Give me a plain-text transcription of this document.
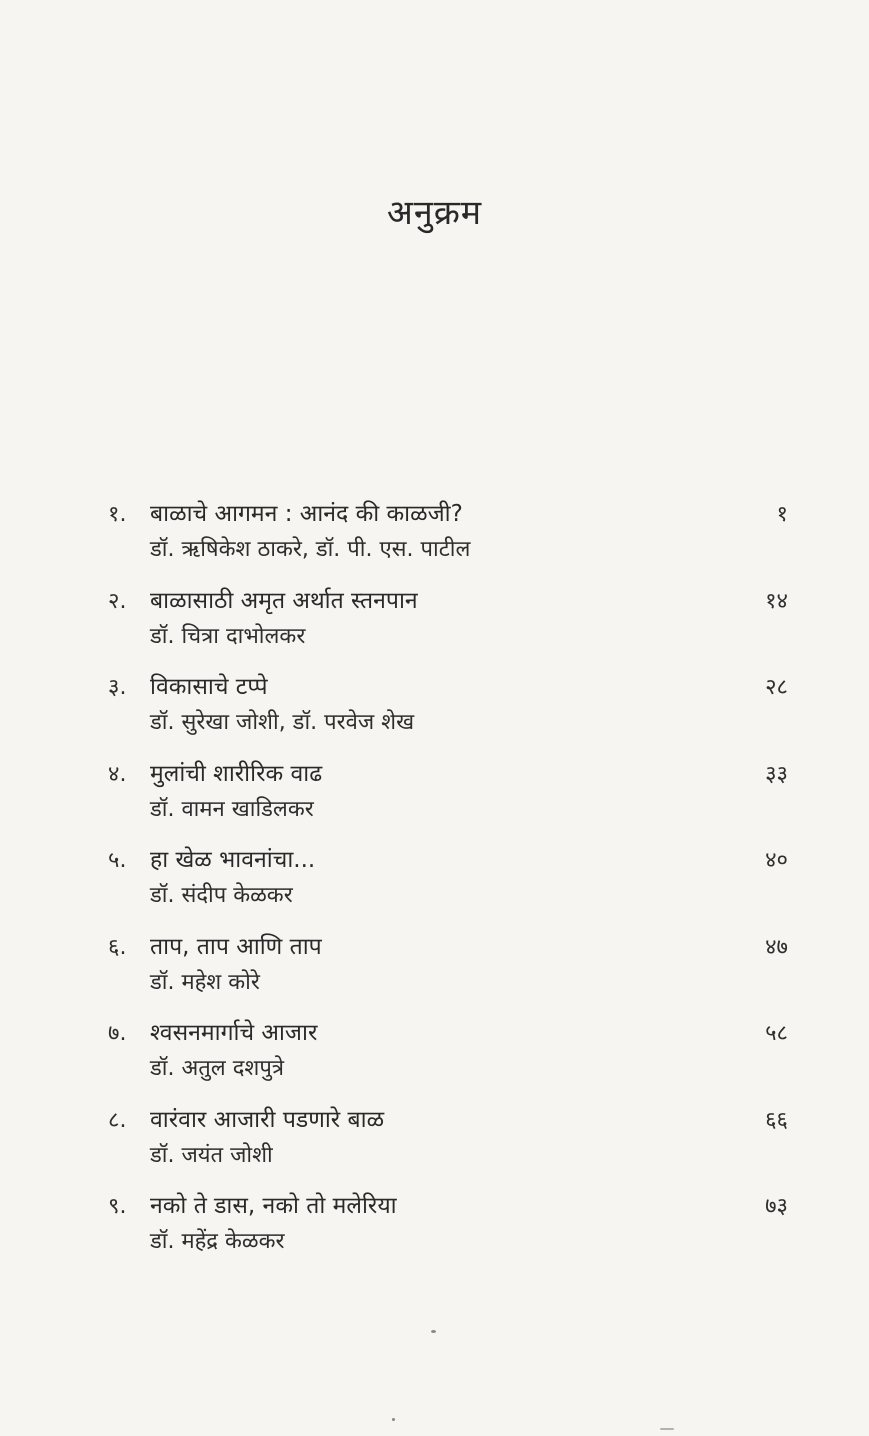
अनुक्रम
१.	बाळाचे आगमन : आनंद की काळजी?	१
डॉ. ऋषिकेश ठाकरे, डॉ. पी. एस. पाटील
२.	बाळासाठी अमृत अर्थात स्तनपान	१४
डॉ. चित्रा दाभोलकर
३.	विकासाचे टप्पे	२८
डॉ. सुरेखा जोशी, डॉ. परवेज शेख
४.	मुलांची शारीरिक वाढ	३३
डॉ. वामन खाडिलकर
५.	हा खेळ भावनांचा...	४०
डॉ. संदीप केळकर
६.	ताप, ताप आणि ताप	४७
डॉ. महेश कोरे
७.	श्वसनमार्गाचे आजार	५८
डॉ. अतुल दशपुत्रे
८.	वारंवार आजारी पडणारे बाळ	६६
डॉ. जयंत जोशी
९.	नको ते डास, नको तो मलेरिया	७३
डॉ. महेंद्र केळकर
